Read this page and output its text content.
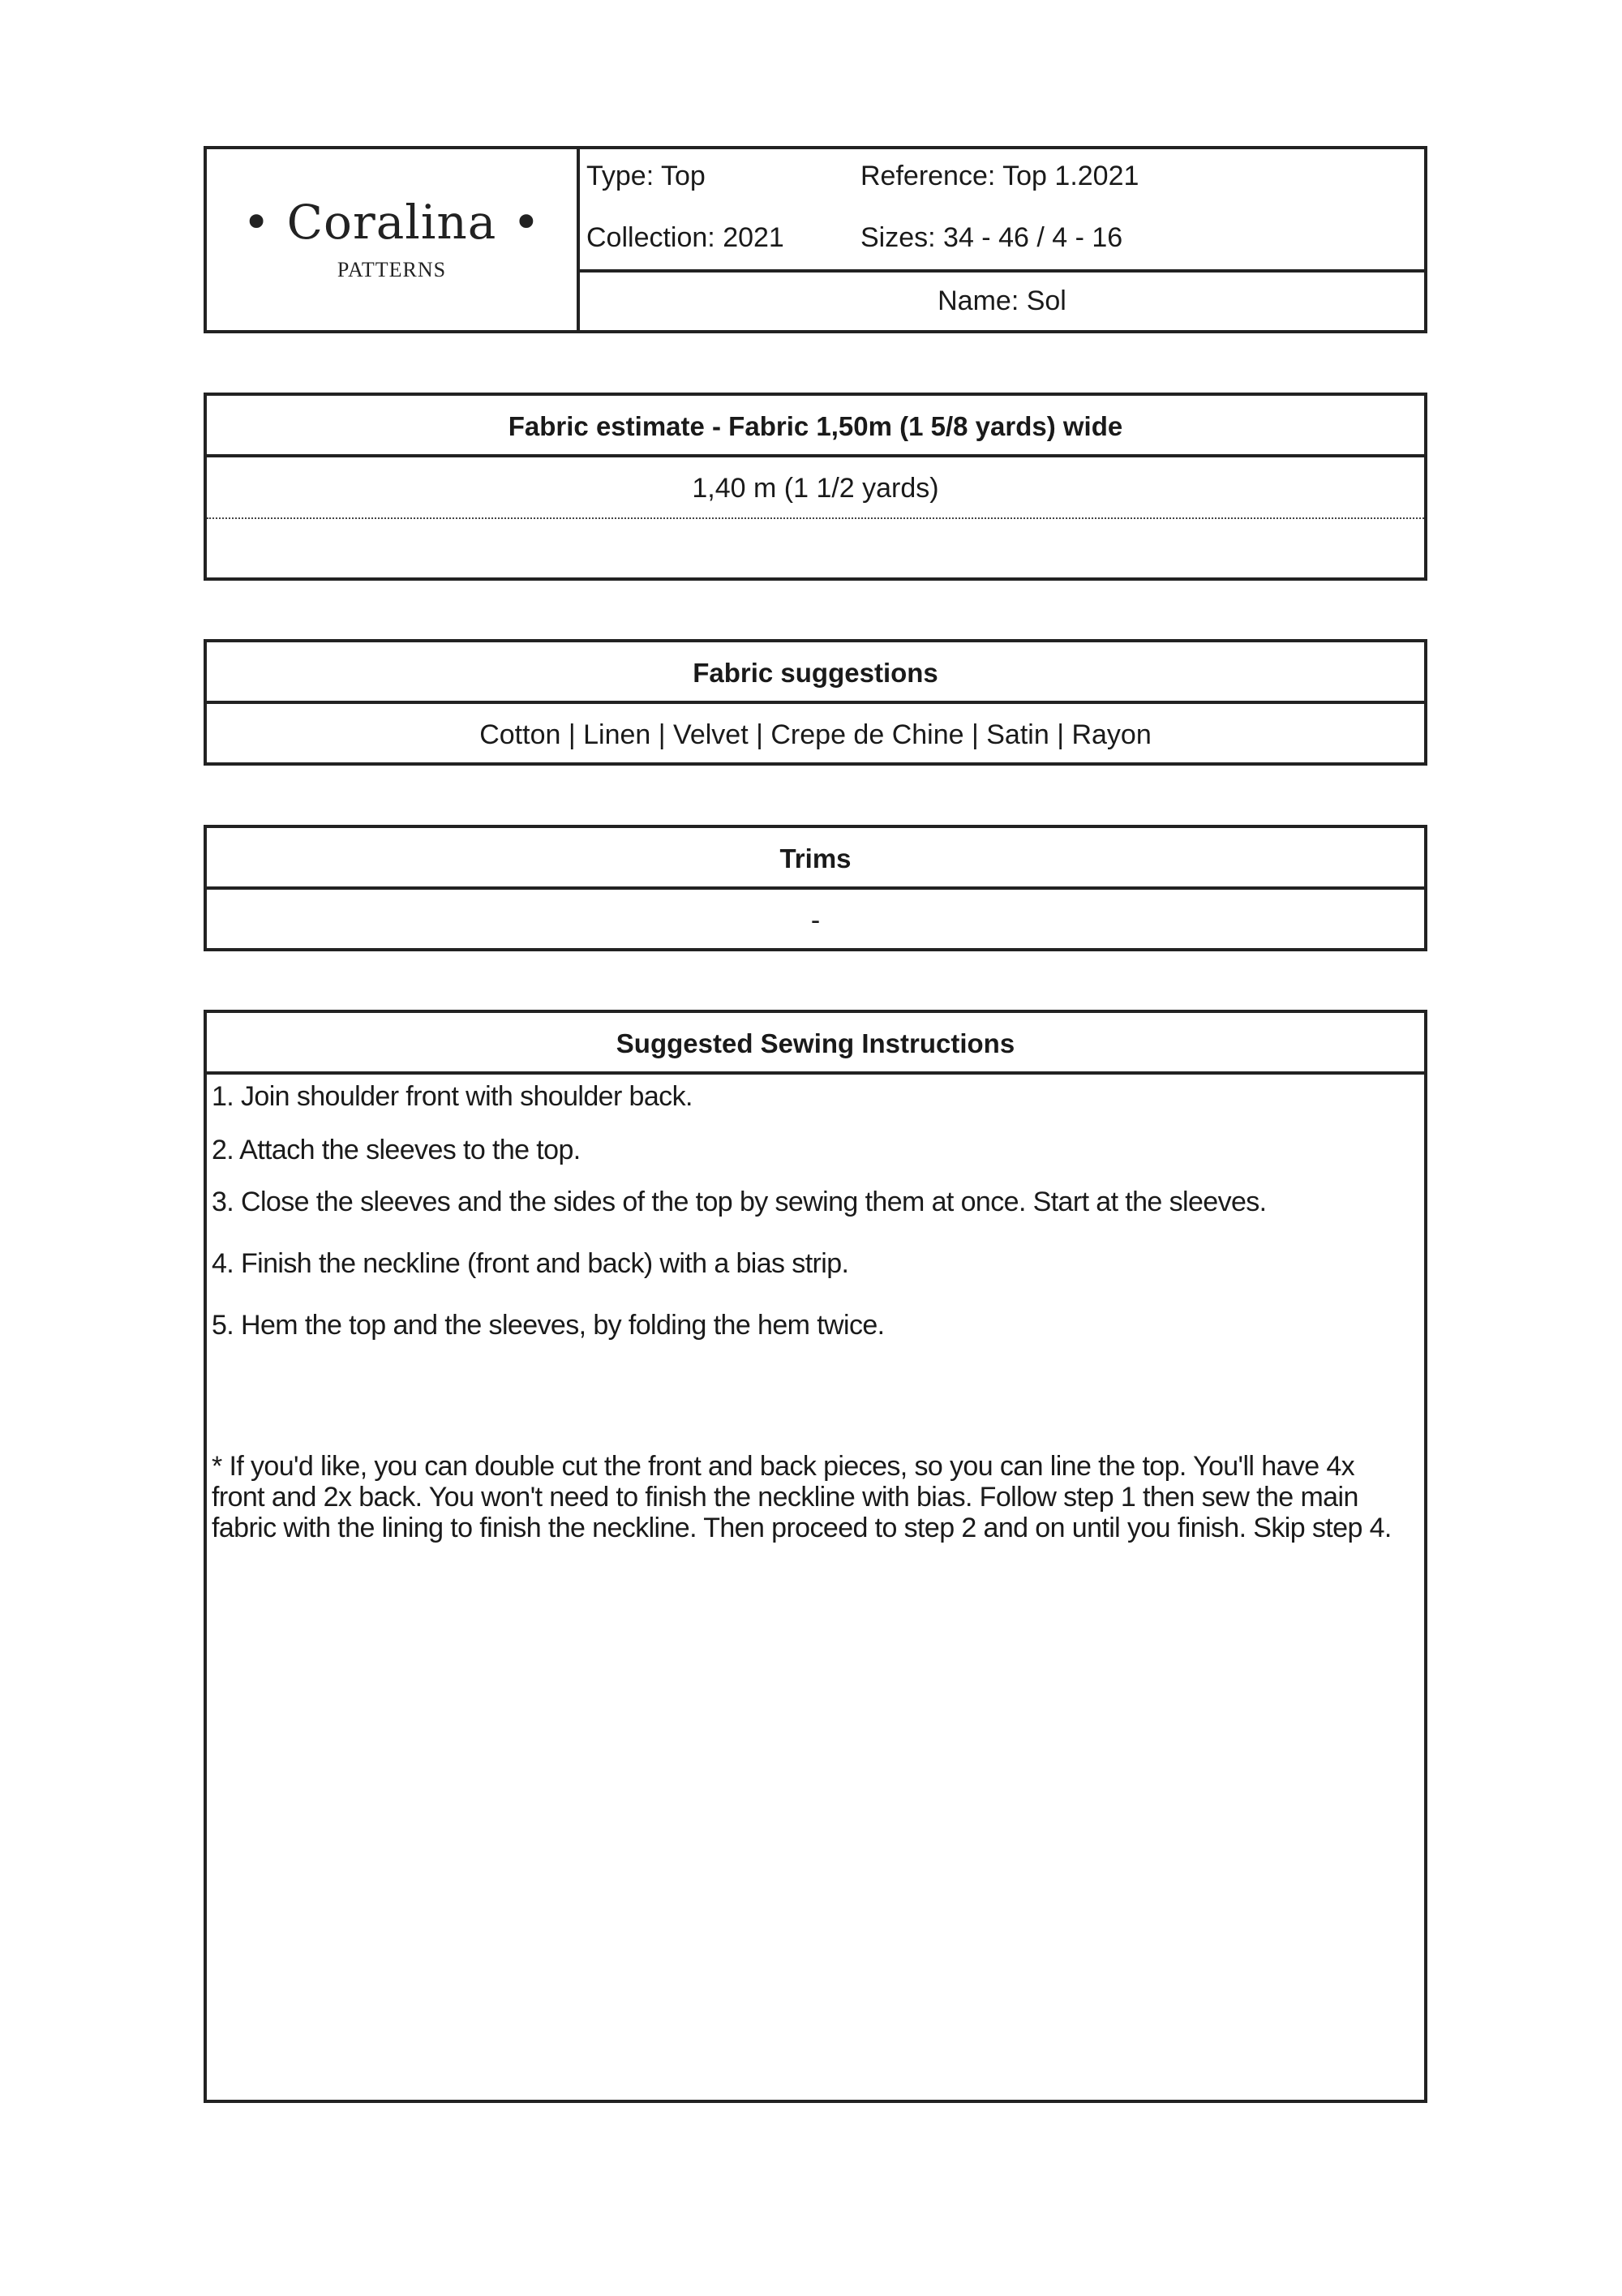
• Coralina •
PATTERNS
Type: Top	Reference: Top 1.2021
Collection: 2021	Sizes: 34 - 46 / 4 - 16
Name: Sol
Fabric estimate - Fabric 1,50m (1 5/8 yards) wide
1,40 m (1 1/2 yards)
Fabric suggestions
Cotton | Linen | Velvet | Crepe de Chine | Satin | Rayon
Trims
-
Suggested Sewing Instructions
1. Join shoulder front with shoulder back.
2. Attach the sleeves to the top.
3. Close the sleeves and the sides of the top by sewing them at once. Start at the sleeves.
4. Finish the neckline (front and back) with a bias strip.
5. Hem the top and the sleeves, by folding the hem twice.
* If you'd like, you can double cut the front and back pieces, so you can line the top. You'll have 4x front and 2x back. You won't need to finish the neckline with bias. Follow step 1 then sew the main fabric with the lining to finish the neckline. Then proceed to step 2 and on until you finish. Skip step 4.
